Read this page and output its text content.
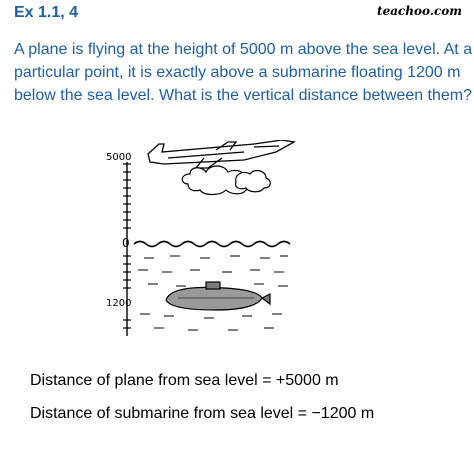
Ex 1.1, 4	teachoo.com
A plane is flying at the height of 5000 m above the sea level. At a
particular point, it is exactly above a submarine floating 1200 m
below the sea level. What is the vertical distance between them?
5000
0
1200
Distance of plane from sea level = +5000 m
Distance of submarine from sea level = −1200 m
